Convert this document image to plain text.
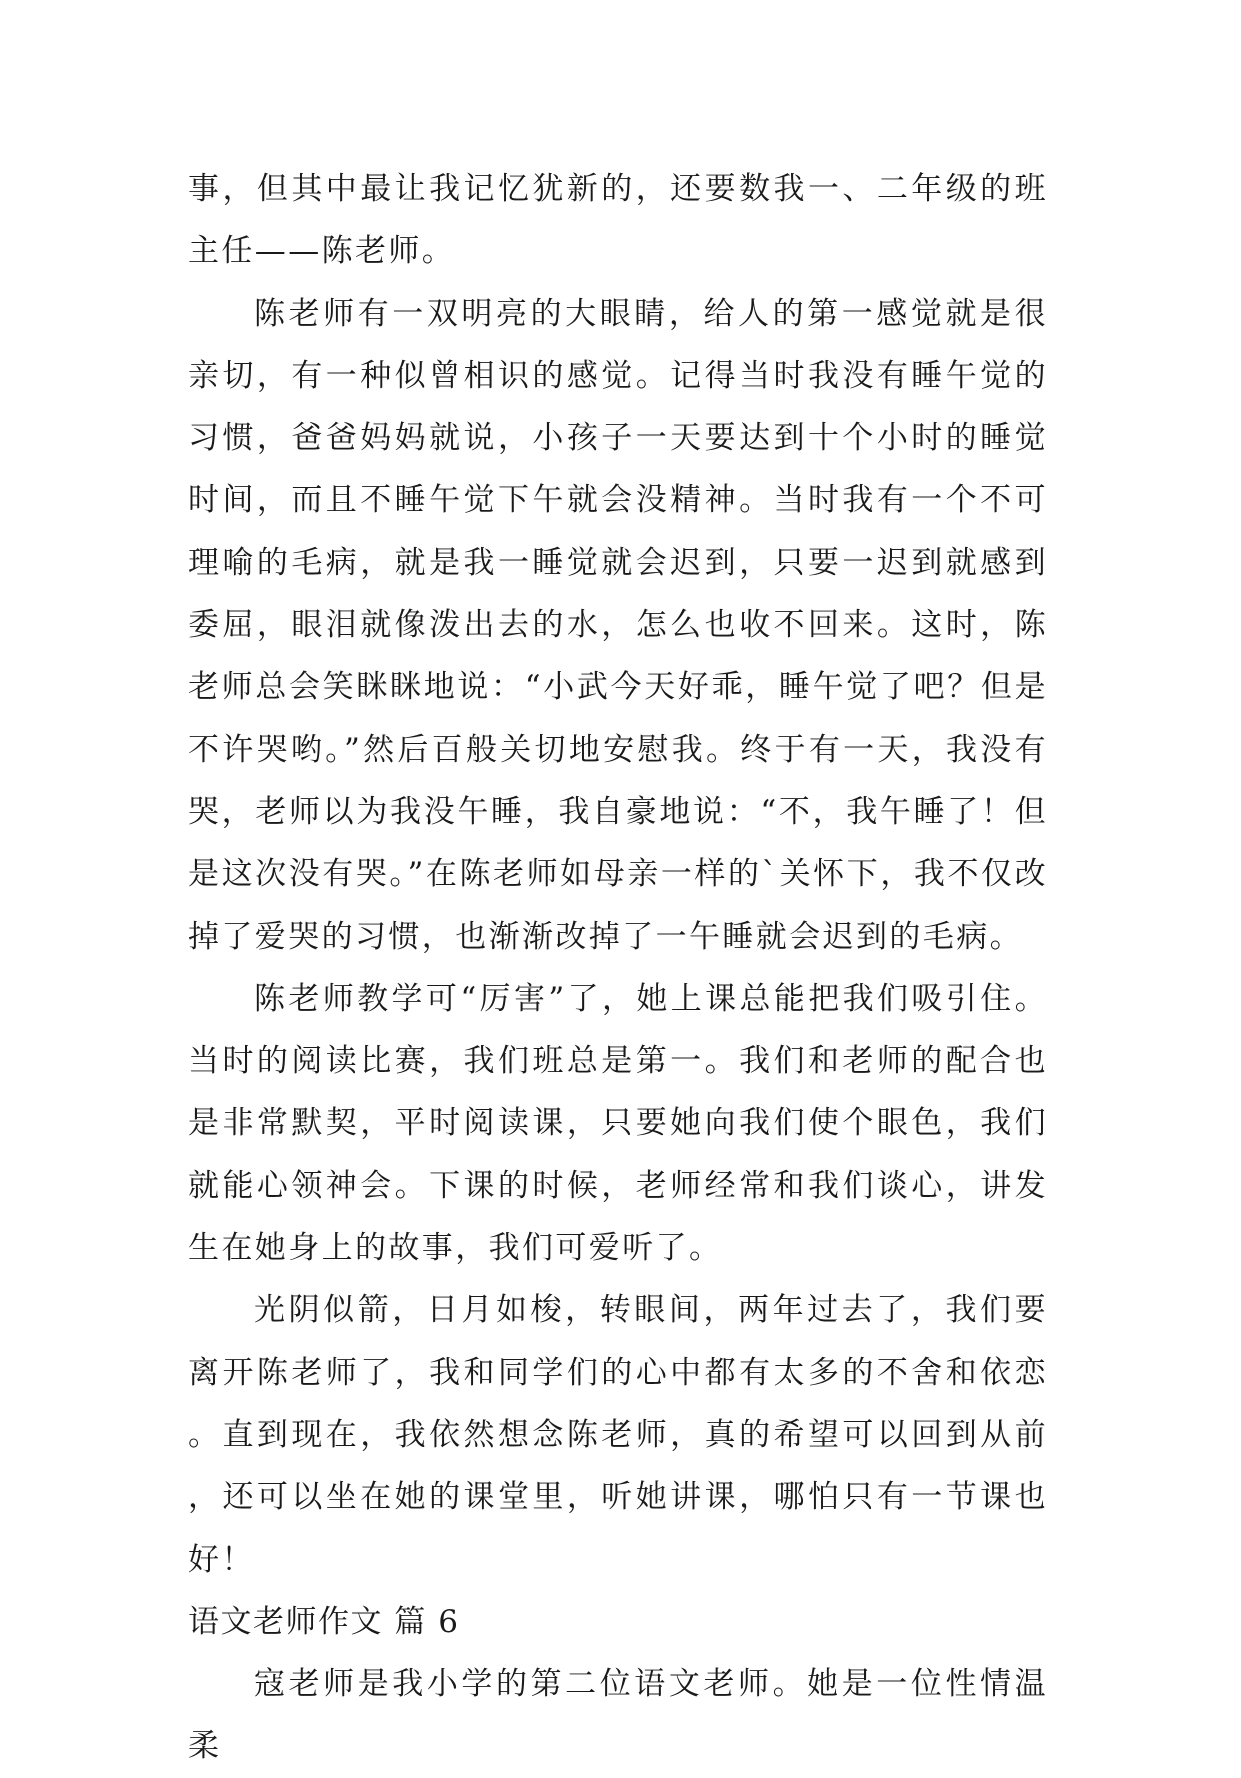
事，但其中最让我记忆犹新的，还要数我一、二年级的班主任——陈老师。

陈老师有一双明亮的大眼睛，给人的第一感觉就是很亲切，有一种似曾相识的感觉。记得当时我没有睡午觉的习惯，爸爸妈妈就说，小孩子一天要达到十个小时的睡觉时间，而且不睡午觉下午就会没精神。当时我有一个不可理喻的毛病，就是我一睡觉就会迟到，只要一迟到就感到委屈，眼泪就像泼出去的水，怎么也收不回来。这时，陈老师总会笑眯眯地说：“小武今天好乖，睡午觉了吧？但是不许哭哟。”然后百般关切地安慰我。终于有一天，我没有哭，老师以为我没午睡，我自豪地说：“不，我午睡了！但是这次没有哭。”在陈老师如母亲一样的`关怀下，我不仅改掉了爱哭的习惯，也渐渐改掉了一午睡就会迟到的毛病。

陈老师教学可“厉害”了，她上课总能把我们吸引住。当时的阅读比赛，我们班总是第一。我们和老师的配合也是非常默契，平时阅读课，只要她向我们使个眼色，我们就能心领神会。下课的时候，老师经常和我们谈心，讲发生在她身上的故事，我们可爱听了。

光阴似箭，日月如梭，转眼间，两年过去了，我们要离开陈老师了，我和同学们的心中都有太多的不舍和依恋。直到现在，我依然想念陈老师，真的希望可以回到从前，还可以坐在她的课堂里，听她讲课，哪怕只有一节课也好！

语文老师作文 篇 6

寇老师是我小学的第二位语文老师。她是一位性情温柔
